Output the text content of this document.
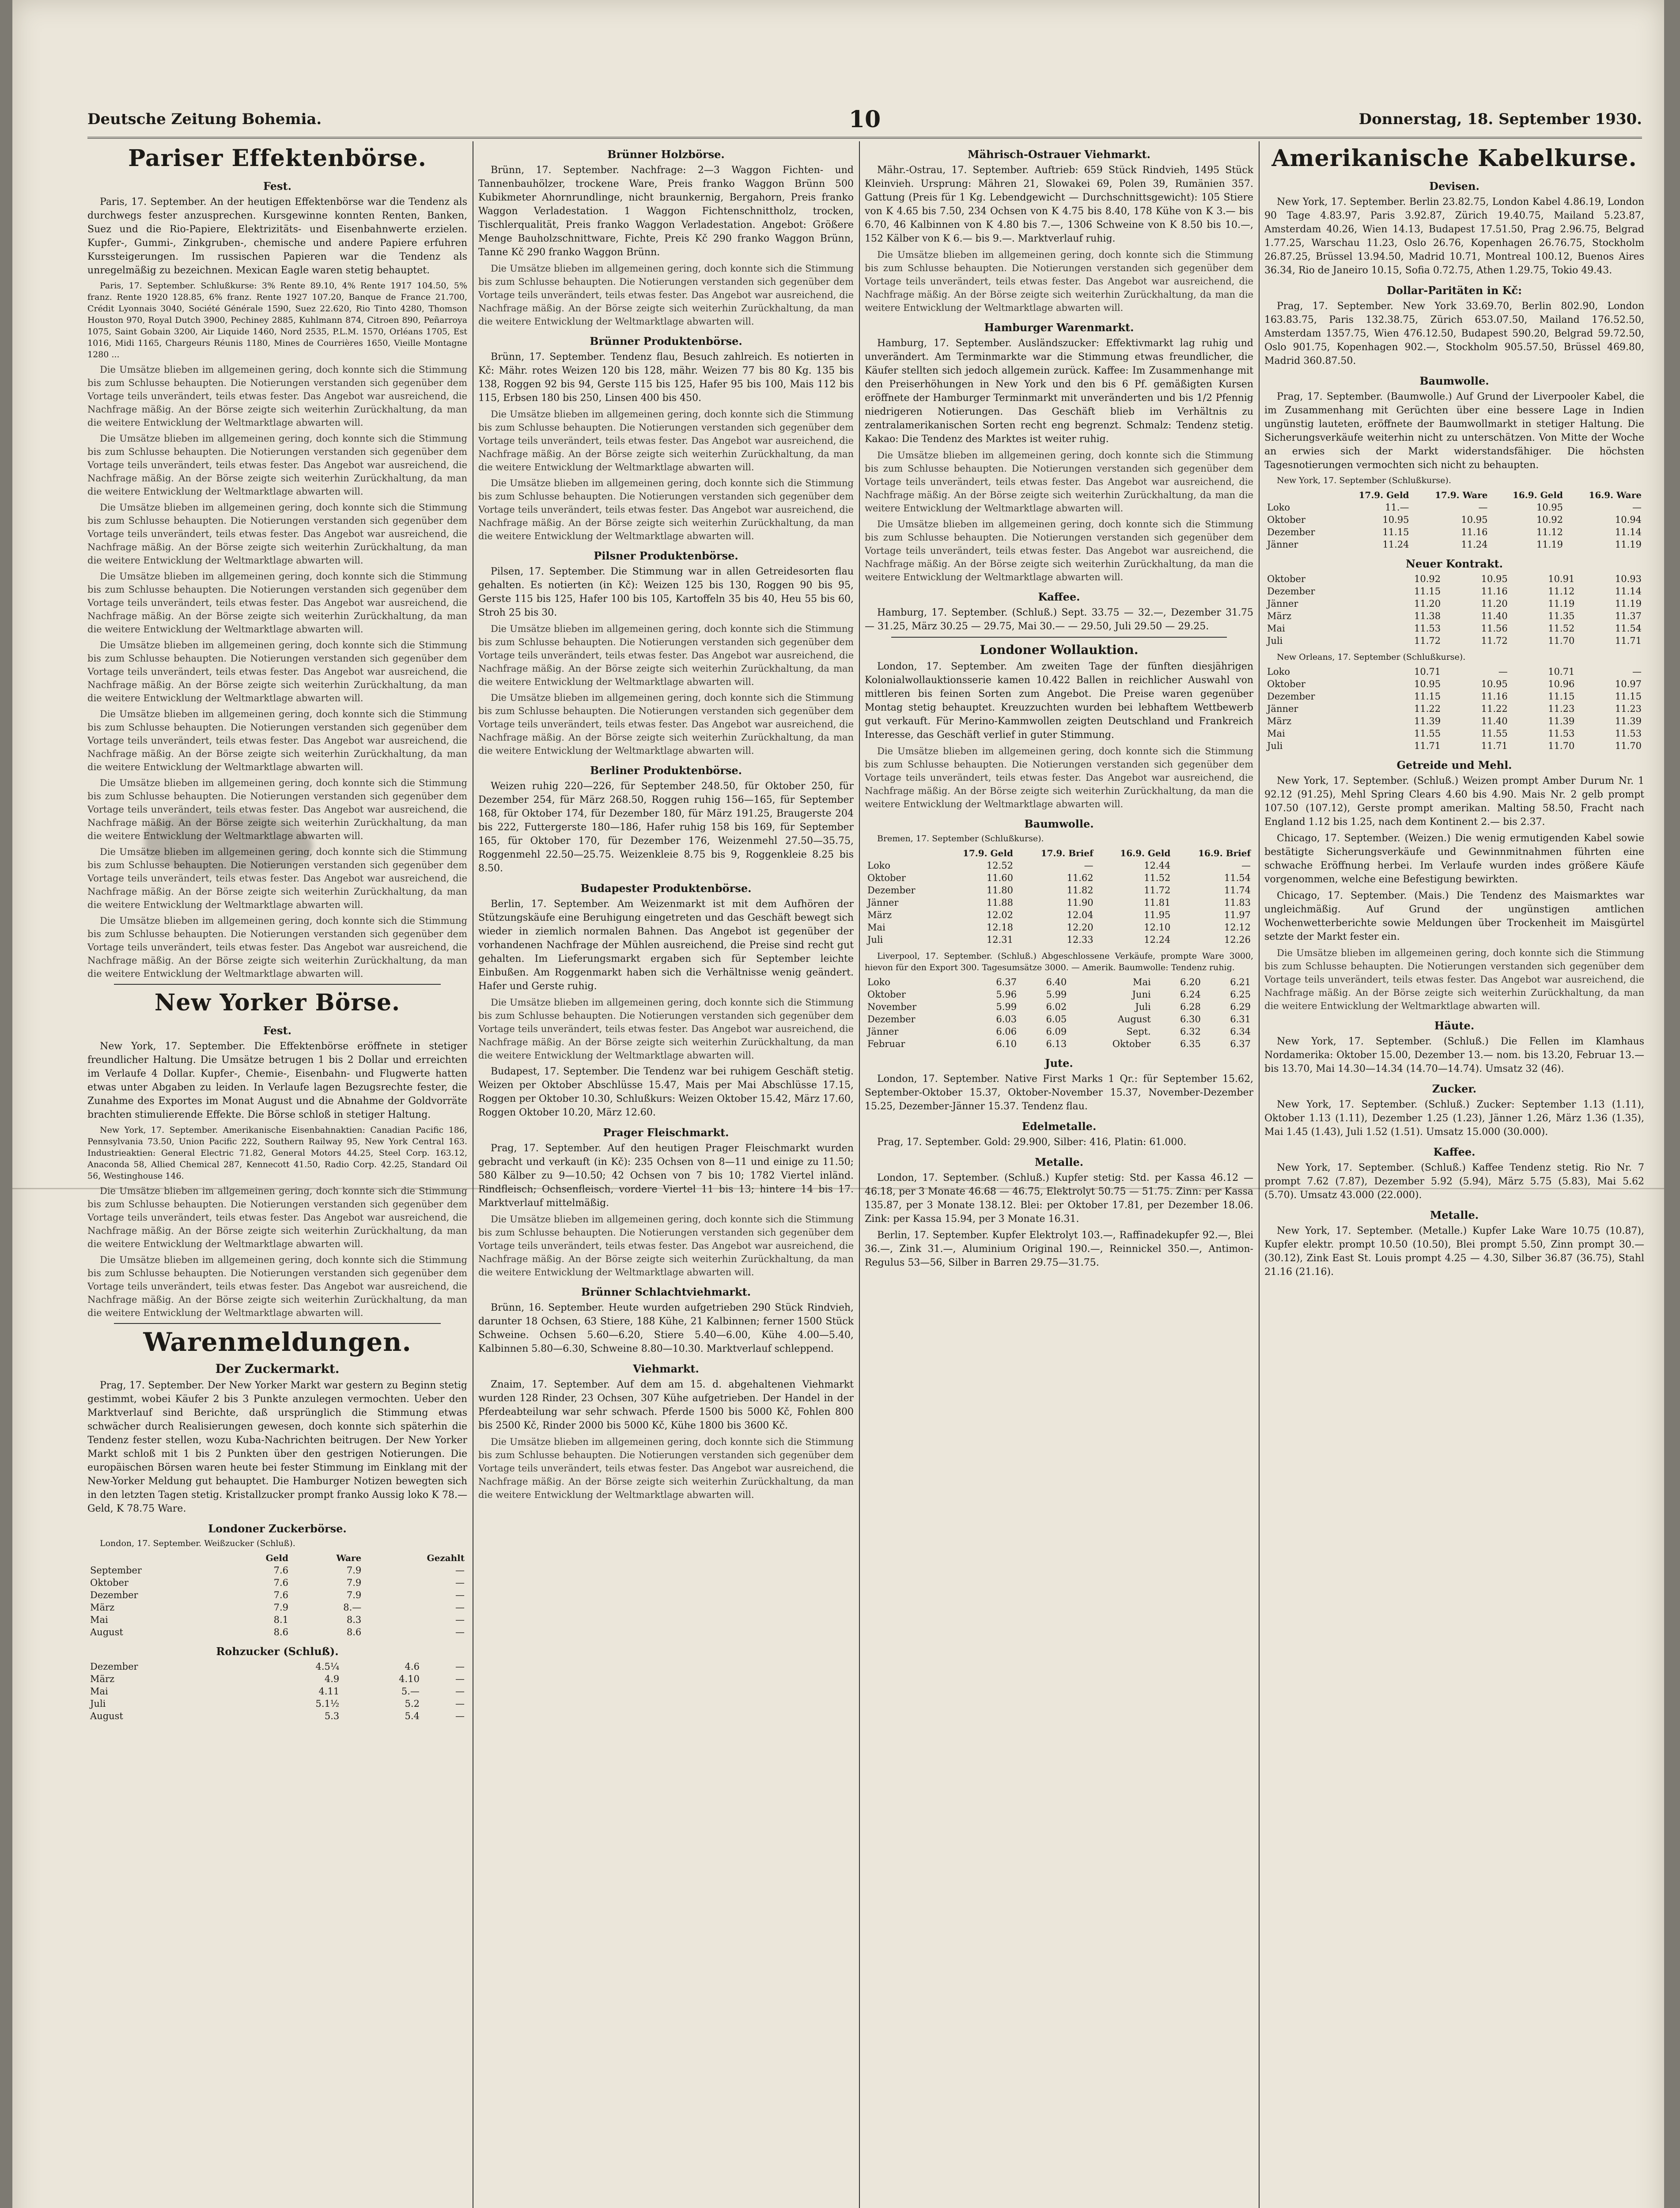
Deutsche Zeitung Bohemia.	10	Donnerstag, 18. September 1930.
Pariser Effektenbörse.
Fest.

Paris, 17. September. An der heutigen Effektenbörse war die Tendenz als durchwegs fester anzusprechen. Kursgewinne konnten Renten, Banken, Suez und die Rio-Papiere, Elektrizitäts- und Eisenbahnwerte erzielen. Kupfer-, Gummi-, Zinkgruben-, chemische und andere Papiere erfuhren Kurssteigerungen. Im russischen Papieren war die Tendenz als unregelmäßig zu bezeichnen. Mexican Eagle waren stetig behauptet.

Paris, 17. September. Schlußkurse: 3% Rente 89.10, 4% Rente 1917 104.50, 5% franz. Rente 1920 128.85, 6% franz. Rente 1927 107.20, Banque de France 21.700, Crédit Lyonnais 3040, Société Générale 1590, Suez 22.620, Rio Tinto 4280, Thomson Houston 970, Royal Dutch 3900, Pechiney 2885, Kuhlmann 874, Citroen 890, Peñarroya 1075, Saint Gobain 3200, Air Liquide 1460, Nord 2535, P.L.M. 1570, Orléans 1705, Est 1016, Midi 1165, Chargeurs Réunis 1180, Mines de Courrières 1650, Vieille Montagne 1280 ...

Die Umsätze blieben im allgemeinen gering, doch konnte sich die Stimmung bis zum Schlusse behaupten. Die Notierungen verstanden sich gegenüber dem Vortage teils unverändert, teils etwas fester. Das Angebot war ausreichend, die Nachfrage mäßig. An der Börse zeigte sich weiterhin Zurückhaltung, da man die weitere Entwicklung der Weltmarktlage abwarten will.

Die Umsätze blieben im allgemeinen gering, doch konnte sich die Stimmung bis zum Schlusse behaupten. Die Notierungen verstanden sich gegenüber dem Vortage teils unverändert, teils etwas fester. Das Angebot war ausreichend, die Nachfrage mäßig. An der Börse zeigte sich weiterhin Zurückhaltung, da man die weitere Entwicklung der Weltmarktlage abwarten will.

Die Umsätze blieben im allgemeinen gering, doch konnte sich die Stimmung bis zum Schlusse behaupten. Die Notierungen verstanden sich gegenüber dem Vortage teils unverändert, teils etwas fester. Das Angebot war ausreichend, die Nachfrage mäßig. An der Börse zeigte sich weiterhin Zurückhaltung, da man die weitere Entwicklung der Weltmarktlage abwarten will.

Die Umsätze blieben im allgemeinen gering, doch konnte sich die Stimmung bis zum Schlusse behaupten. Die Notierungen verstanden sich gegenüber dem Vortage teils unverändert, teils etwas fester. Das Angebot war ausreichend, die Nachfrage mäßig. An der Börse zeigte sich weiterhin Zurückhaltung, da man die weitere Entwicklung der Weltmarktlage abwarten will.

Die Umsätze blieben im allgemeinen gering, doch konnte sich die Stimmung bis zum Schlusse behaupten. Die Notierungen verstanden sich gegenüber dem Vortage teils unverändert, teils etwas fester. Das Angebot war ausreichend, die Nachfrage mäßig. An der Börse zeigte sich weiterhin Zurückhaltung, da man die weitere Entwicklung der Weltmarktlage abwarten will.

Die Umsätze blieben im allgemeinen gering, doch konnte sich die Stimmung bis zum Schlusse behaupten. Die Notierungen verstanden sich gegenüber dem Vortage teils unverändert, teils etwas fester. Das Angebot war ausreichend, die Nachfrage mäßig. An der Börse zeigte sich weiterhin Zurückhaltung, da man die weitere Entwicklung der Weltmarktlage abwarten will.

Die Umsätze blieben im allgemeinen gering, doch konnte sich die Stimmung bis zum Schlusse behaupten. Die Notierungen verstanden sich gegenüber dem Vortage teils unverändert, teils etwas fester. Das Angebot war ausreichend, die Nachfrage mäßig. An der Börse zeigte sich weiterhin Zurückhaltung, da man die weitere Entwicklung der Weltmarktlage abwarten will.

Die Umsätze blieben im allgemeinen gering, doch konnte sich die Stimmung bis zum Schlusse behaupten. Die Notierungen verstanden sich gegenüber dem Vortage teils unverändert, teils etwas fester. Das Angebot war ausreichend, die Nachfrage mäßig. An der Börse zeigte sich weiterhin Zurückhaltung, da man die weitere Entwicklung der Weltmarktlage abwarten will.

Die Umsätze blieben im allgemeinen gering, doch konnte sich die Stimmung bis zum Schlusse behaupten. Die Notierungen verstanden sich gegenüber dem Vortage teils unverändert, teils etwas fester. Das Angebot war ausreichend, die Nachfrage mäßig. An der Börse zeigte sich weiterhin Zurückhaltung, da man die weitere Entwicklung der Weltmarktlage abwarten will.

New Yorker Börse.
Fest.

New York, 17. September. Die Effektenbörse eröffnete in stetiger freundlicher Haltung. Die Umsätze betrugen 1 bis 2 Dollar und erreichten im Verlaufe 4 Dollar. Kupfer-, Chemie-, Eisenbahn- und Flugwerte hatten etwas unter Abgaben zu leiden. In Verlaufe lagen Bezugsrechte fester, die Zunahme des Exportes im Monat August und die Abnahme der Goldvorräte brachten stimulierende Effekte. Die Börse schloß in stetiger Haltung.

New York, 17. September. Amerikanische Eisenbahnaktien: Canadian Pacific 186, Pennsylvania 73.50, Union Pacific 222, Southern Railway 95, New York Central 163. Industrieaktien: General Electric 71.82, General Motors 44.25, Steel Corp. 163.12, Anaconda 58, Allied Chemical 287, Kennecott 41.50, Radio Corp. 42.25, Standard Oil 56, Westinghouse 146.

Die Umsätze blieben im allgemeinen gering, doch konnte sich die Stimmung bis zum Schlusse behaupten. Die Notierungen verstanden sich gegenüber dem Vortage teils unverändert, teils etwas fester. Das Angebot war ausreichend, die Nachfrage mäßig. An der Börse zeigte sich weiterhin Zurückhaltung, da man die weitere Entwicklung der Weltmarktlage abwarten will.

Die Umsätze blieben im allgemeinen gering, doch konnte sich die Stimmung bis zum Schlusse behaupten. Die Notierungen verstanden sich gegenüber dem Vortage teils unverändert, teils etwas fester. Das Angebot war ausreichend, die Nachfrage mäßig. An der Börse zeigte sich weiterhin Zurückhaltung, da man die weitere Entwicklung der Weltmarktlage abwarten will.

Warenmeldungen.
Der Zuckermarkt.

Prag, 17. September. Der New Yorker Markt war gestern zu Beginn stetig gestimmt, wobei Käufer 2 bis 3 Punkte anzulegen vermochten. Ueber den Marktverlauf sind Berichte, daß ursprünglich die Stimmung etwas schwächer durch Realisierungen gewesen, doch konnte sich späterhin die Tendenz fester stellen, wozu Kuba-Nachrichten beitrugen. Der New Yorker Markt schloß mit 1 bis 2 Punkten über den gestrigen Notierungen. Die europäischen Börsen waren heute bei fester Stimmung im Einklang mit der New-Yorker Meldung gut behauptet. Die Hamburger Notizen bewegten sich in den letzten Tagen stetig. Kristallzucker prompt franko Aussig loko K 78.— Geld, K 78.75 Ware.

Londoner Zuckerbörse.

London, 17. September. Weißzucker (Schluß).

	Geld	Ware	Gezahlt
September	7.6	7.9	—
Oktober	7.6	7.9	—
Dezember	7.6	7.9	—
März	7.9	8.—	—
Mai	8.1	8.3	—
August	8.6	8.6	—
Rohzucker (Schluß).
Dezember	4.5¼	4.6	—
März	4.9	4.10	—
Mai	4.11	5.—	—
Juli	5.1½	5.2	—
August	5.3	5.4	—
Brünner Holzbörse.

Brünn, 17. September. Nachfrage: 2—3 Waggon Fichten- und Tannenbauhölzer, trockene Ware, Preis franko Waggon Brünn 500 Kubikmeter Ahornrundlinge, nicht braunkernig, Bergahorn, Preis franko Waggon Verladestation. 1 Waggon Fichtenschnittholz, trocken, Tischlerqualität, Preis franko Waggon Verladestation. Angebot: Größere Menge Bauholzschnittware, Fichte, Preis Kč 290 franko Waggon Brünn, Tanne Kč 290 franko Waggon Brünn.

Die Umsätze blieben im allgemeinen gering, doch konnte sich die Stimmung bis zum Schlusse behaupten. Die Notierungen verstanden sich gegenüber dem Vortage teils unverändert, teils etwas fester. Das Angebot war ausreichend, die Nachfrage mäßig. An der Börse zeigte sich weiterhin Zurückhaltung, da man die weitere Entwicklung der Weltmarktlage abwarten will.

Brünner Produktenbörse.

Brünn, 17. September. Tendenz flau, Besuch zahlreich. Es notierten in Kč: Mähr. rotes Weizen 120 bis 128, mähr. Weizen 77 bis 80 Kg. 135 bis 138, Roggen 92 bis 94, Gerste 115 bis 125, Hafer 95 bis 100, Mais 112 bis 115, Erbsen 180 bis 250, Linsen 400 bis 450.

Die Umsätze blieben im allgemeinen gering, doch konnte sich die Stimmung bis zum Schlusse behaupten. Die Notierungen verstanden sich gegenüber dem Vortage teils unverändert, teils etwas fester. Das Angebot war ausreichend, die Nachfrage mäßig. An der Börse zeigte sich weiterhin Zurückhaltung, da man die weitere Entwicklung der Weltmarktlage abwarten will.

Die Umsätze blieben im allgemeinen gering, doch konnte sich die Stimmung bis zum Schlusse behaupten. Die Notierungen verstanden sich gegenüber dem Vortage teils unverändert, teils etwas fester. Das Angebot war ausreichend, die Nachfrage mäßig. An der Börse zeigte sich weiterhin Zurückhaltung, da man die weitere Entwicklung der Weltmarktlage abwarten will.

Pilsner Produktenbörse.

Pilsen, 17. September. Die Stimmung war in allen Getreidesorten flau gehalten. Es notierten (in Kč): Weizen 125 bis 130, Roggen 90 bis 95, Gerste 115 bis 125, Hafer 100 bis 105, Kartoffeln 35 bis 40, Heu 55 bis 60, Stroh 25 bis 30.

Die Umsätze blieben im allgemeinen gering, doch konnte sich die Stimmung bis zum Schlusse behaupten. Die Notierungen verstanden sich gegenüber dem Vortage teils unverändert, teils etwas fester. Das Angebot war ausreichend, die Nachfrage mäßig. An der Börse zeigte sich weiterhin Zurückhaltung, da man die weitere Entwicklung der Weltmarktlage abwarten will.

Die Umsätze blieben im allgemeinen gering, doch konnte sich die Stimmung bis zum Schlusse behaupten. Die Notierungen verstanden sich gegenüber dem Vortage teils unverändert, teils etwas fester. Das Angebot war ausreichend, die Nachfrage mäßig. An der Börse zeigte sich weiterhin Zurückhaltung, da man die weitere Entwicklung der Weltmarktlage abwarten will.

Berliner Produktenbörse.

Weizen ruhig 220—226, für September 248.50, für Oktober 250, für Dezember 254, für März 268.50, Roggen ruhig 156—165, für September 168, für Oktober 174, für Dezember 180, für März 191.25, Braugerste 204 bis 222, Futtergerste 180—186, Hafer ruhig 158 bis 169, für September 165, für Oktober 170, für Dezember 176, Weizenmehl 27.50—35.75, Roggenmehl 22.50—25.75. Weizenkleie 8.75 bis 9, Roggenkleie 8.25 bis 8.50.

Budapester Produktenbörse.

Berlin, 17. September. Am Weizenmarkt ist mit dem Aufhören der Stützungskäufe eine Beruhigung eingetreten und das Geschäft bewegt sich wieder in ziemlich normalen Bahnen. Das Angebot ist gegenüber der vorhandenen Nachfrage der Mühlen ausreichend, die Preise sind recht gut gehalten. Im Lieferungsmarkt ergaben sich für September leichte Einbußen. Am Roggenmarkt haben sich die Verhältnisse wenig geändert. Hafer und Gerste ruhig.

Die Umsätze blieben im allgemeinen gering, doch konnte sich die Stimmung bis zum Schlusse behaupten. Die Notierungen verstanden sich gegenüber dem Vortage teils unverändert, teils etwas fester. Das Angebot war ausreichend, die Nachfrage mäßig. An der Börse zeigte sich weiterhin Zurückhaltung, da man die weitere Entwicklung der Weltmarktlage abwarten will.

Budapest, 17. September. Die Tendenz war bei ruhigem Geschäft stetig. Weizen per Oktober Abschlüsse 15.47, Mais per Mai Abschlüsse 17.15, Roggen per Oktober 10.30, Schlußkurs: Weizen Oktober 15.42, März 17.60, Roggen Oktober 10.20, März 12.60.

Prager Fleischmarkt.

Prag, 17. September. Auf den heutigen Prager Fleischmarkt wurden gebracht und verkauft (in Kč): 235 Ochsen von 8—11 und einige zu 11.50; 580 Kälber zu 9—10.50; 42 Ochsen von 7 bis 10; 1782 Viertel inländ. Rindfleisch; Ochsenfleisch, vordere Viertel 11 bis 13; hintere 14 bis 17. Marktverlauf mittelmäßig.

Die Umsätze blieben im allgemeinen gering, doch konnte sich die Stimmung bis zum Schlusse behaupten. Die Notierungen verstanden sich gegenüber dem Vortage teils unverändert, teils etwas fester. Das Angebot war ausreichend, die Nachfrage mäßig. An der Börse zeigte sich weiterhin Zurückhaltung, da man die weitere Entwicklung der Weltmarktlage abwarten will.

Brünner Schlachtviehmarkt.

Brünn, 16. September. Heute wurden aufgetrieben 290 Stück Rindvieh, darunter 18 Ochsen, 63 Stiere, 188 Kühe, 21 Kalbinnen; ferner 1500 Stück Schweine. Ochsen 5.60—6.20, Stiere 5.40—6.00, Kühe 4.00—5.40, Kalbinnen 5.80—6.30, Schweine 8.80—10.30. Marktverlauf schleppend.

Viehmarkt.

Znaim, 17. September. Auf dem am 15. d. abgehaltenen Viehmarkt wurden 128 Rinder, 23 Ochsen, 307 Kühe aufgetrieben. Der Handel in der Pferdeabteilung war sehr schwach. Pferde 1500 bis 5000 Kč, Fohlen 800 bis 2500 Kč, Rinder 2000 bis 5000 Kč, Kühe 1800 bis 3600 Kč.

Die Umsätze blieben im allgemeinen gering, doch konnte sich die Stimmung bis zum Schlusse behaupten. Die Notierungen verstanden sich gegenüber dem Vortage teils unverändert, teils etwas fester. Das Angebot war ausreichend, die Nachfrage mäßig. An der Börse zeigte sich weiterhin Zurückhaltung, da man die weitere Entwicklung der Weltmarktlage abwarten will.

Mährisch-Ostrauer Viehmarkt.

Mähr.-Ostrau, 17. September. Auftrieb: 659 Stück Rindvieh, 1495 Stück Kleinvieh. Ursprung: Mähren 21, Slowakei 69, Polen 39, Rumänien 357. Gattung (Preis für 1 Kg. Lebendgewicht — Durchschnittsgewicht): 105 Stiere von K 4.65 bis 7.50, 234 Ochsen von K 4.75 bis 8.40, 178 Kühe von K 3.— bis 6.70, 46 Kalbinnen von K 4.80 bis 7.—, 1306 Schweine von K 8.50 bis 10.—, 152 Kälber von K 6.— bis 9.—. Marktverlauf ruhig.

Die Umsätze blieben im allgemeinen gering, doch konnte sich die Stimmung bis zum Schlusse behaupten. Die Notierungen verstanden sich gegenüber dem Vortage teils unverändert, teils etwas fester. Das Angebot war ausreichend, die Nachfrage mäßig. An der Börse zeigte sich weiterhin Zurückhaltung, da man die weitere Entwicklung der Weltmarktlage abwarten will.

Hamburger Warenmarkt.

Hamburg, 17. September. Ausländszucker: Effektivmarkt lag ruhig und unverändert. Am Terminmarkte war die Stimmung etwas freundlicher, die Käufer stellten sich jedoch allgemein zurück. Kaffee: Im Zusammenhange mit den Preiserhöhungen in New York und den bis 6 Pf. gemäßigten Kursen eröffnete der Hamburger Terminmarkt mit unveränderten und bis 1/2 Pfennig niedrigeren Notierungen. Das Geschäft blieb im Verhältnis zu zentralamerikanischen Sorten recht eng begrenzt. Schmalz: Tendenz stetig. Kakao: Die Tendenz des Marktes ist weiter ruhig.

Die Umsätze blieben im allgemeinen gering, doch konnte sich die Stimmung bis zum Schlusse behaupten. Die Notierungen verstanden sich gegenüber dem Vortage teils unverändert, teils etwas fester. Das Angebot war ausreichend, die Nachfrage mäßig. An der Börse zeigte sich weiterhin Zurückhaltung, da man die weitere Entwicklung der Weltmarktlage abwarten will.

Die Umsätze blieben im allgemeinen gering, doch konnte sich die Stimmung bis zum Schlusse behaupten. Die Notierungen verstanden sich gegenüber dem Vortage teils unverändert, teils etwas fester. Das Angebot war ausreichend, die Nachfrage mäßig. An der Börse zeigte sich weiterhin Zurückhaltung, da man die weitere Entwicklung der Weltmarktlage abwarten will.

Kaffee.

Hamburg, 17. September. (Schluß.) Sept. 33.75 — 32.—, Dezember 31.75 — 31.25, März 30.25 — 29.75, Mai 30.— — 29.50, Juli 29.50 — 29.25.

Londoner Wollauktion.

London, 17. September. Am zweiten Tage der fünften diesjährigen Kolonialwollauktionsserie kamen 10.422 Ballen in reichlicher Auswahl von mittleren bis feinen Sorten zum Angebot. Die Preise waren gegenüber Montag stetig behauptet. Kreuzzuchten wurden bei lebhaftem Wettbewerb gut verkauft. Für Merino-Kammwollen zeigten Deutschland und Frankreich Interesse, das Geschäft verlief in guter Stimmung.

Die Umsätze blieben im allgemeinen gering, doch konnte sich die Stimmung bis zum Schlusse behaupten. Die Notierungen verstanden sich gegenüber dem Vortage teils unverändert, teils etwas fester. Das Angebot war ausreichend, die Nachfrage mäßig. An der Börse zeigte sich weiterhin Zurückhaltung, da man die weitere Entwicklung der Weltmarktlage abwarten will.

Baumwolle.

Bremen, 17. September (Schlußkurse).

	17.9. Geld	17.9. Brief	16.9. Geld	16.9. Brief
Loko	12.52	—	12.44	—
Oktober	11.60	11.62	11.52	11.54
Dezember	11.80	11.82	11.72	11.74
Jänner	11.88	11.90	11.81	11.83
März	12.02	12.04	11.95	11.97
Mai	12.18	12.20	12.10	12.12
Juli	12.31	12.33	12.24	12.26

Liverpool, 17. September. (Schluß.) Abgeschlossene Verkäufe, prompte Ware 3000, hievon für den Export 300. Tagesumsätze 3000. — Amerik. Baumwolle: Tendenz ruhig.

Loko	6.37	6.40	Mai	6.20	6.21
Oktober	5.96	5.99	Juni	6.24	6.25
November	5.99	6.02	Juli	6.28	6.29
Dezember	6.03	6.05	August	6.30	6.31
Jänner	6.06	6.09	Sept.	6.32	6.34
Februar	6.10	6.13	Oktober	6.35	6.37
Jute.

London, 17. September. Native First Marks 1 Qr.: für September 15.62, September-Oktober 15.37, Oktober-November 15.37, November-Dezember 15.25, Dezember-Jänner 15.37. Tendenz flau.

Edelmetalle.

Prag, 17. September. Gold: 29.900, Silber: 416, Platin: 61.000.

Metalle.

London, 17. September. (Schluß.) Kupfer stetig: Std. per Kassa 46.12 — 46.18, per 3 Monate 46.68 — 46.75, Elektrolyt 50.75 — 51.75. Zinn: per Kassa 135.87, per 3 Monate 138.12. Blei: per Oktober 17.81, per Dezember 18.06. Zink: per Kassa 15.94, per 3 Monate 16.31.

Berlin, 17. September. Kupfer Elektrolyt 103.—, Raffinadekupfer 92.—, Blei 36.—, Zink 31.—, Aluminium Original 190.—, Reinnickel 350.—, Antimon-Regulus 53—56, Silber in Barren 29.75—31.75.

Amerikanische Kabelkurse.
Devisen.

New York, 17. September. Berlin 23.82.75, London Kabel 4.86.19, London 90 Tage 4.83.97, Paris 3.92.87, Zürich 19.40.75, Mailand 5.23.87, Amsterdam 40.26, Wien 14.13, Budapest 17.51.50, Prag 2.96.75, Belgrad 1.77.25, Warschau 11.23, Oslo 26.76, Kopenhagen 26.76.75, Stockholm 26.87.25, Brüssel 13.94.50, Madrid 10.71, Montreal 100.12, Buenos Aires 36.34, Rio de Janeiro 10.15, Sofia 0.72.75, Athen 1.29.75, Tokio 49.43.

Dollar-Paritäten in Kč:

Prag, 17. September. New York 33.69.70, Berlin 802.90, London 163.83.75, Paris 132.38.75, Zürich 653.07.50, Mailand 176.52.50, Amsterdam 1357.75, Wien 476.12.50, Budapest 590.20, Belgrad 59.72.50, Oslo 901.75, Kopenhagen 902.—, Stockholm 905.57.50, Brüssel 469.80, Madrid 360.87.50.

Baumwolle.

Prag, 17. September. (Baumwolle.) Auf Grund der Liverpooler Kabel, die im Zusammenhang mit Gerüchten über eine bessere Lage in Indien ungünstig lauteten, eröffnete der Baumwollmarkt in stetiger Haltung. Die Sicherungsverkäufe weiterhin nicht zu unterschätzen. Von Mitte der Woche an erwies sich der Markt widerstandsfähiger. Die höchsten Tagesnotierungen vermochten sich nicht zu behaupten.

New York, 17. September (Schlußkurse).

	17.9. Geld	17.9. Ware	16.9. Geld	16.9. Ware
Loko	11.—	—	10.95	—
Oktober	10.95	10.95	10.92	10.94
Dezember	11.15	11.16	11.12	11.14
Jänner	11.24	11.24	11.19	11.19
Neuer Kontrakt.
Oktober	10.92	10.95	10.91	10.93
Dezember	11.15	11.16	11.12	11.14
Jänner	11.20	11.20	11.19	11.19
März	11.38	11.40	11.35	11.37
Mai	11.53	11.56	11.52	11.54
Juli	11.72	11.72	11.70	11.71

New Orleans, 17. September (Schlußkurse).

Loko	10.71	—	10.71	—
Oktober	10.95	10.95	10.96	10.97
Dezember	11.15	11.16	11.15	11.15
Jänner	11.22	11.22	11.23	11.23
März	11.39	11.40	11.39	11.39
Mai	11.55	11.55	11.53	11.53
Juli	11.71	11.71	11.70	11.70
Getreide und Mehl.

New York, 17. September. (Schluß.) Weizen prompt Amber Durum Nr. 1 92.12 (91.25), Mehl Spring Clears 4.60 bis 4.90. Mais Nr. 2 gelb prompt 107.50 (107.12), Gerste prompt amerikan. Malting 58.50, Fracht nach England 1.12 bis 1.25, nach dem Kontinent 2.— bis 2.37.

Chicago, 17. September. (Weizen.) Die wenig ermutigenden Kabel sowie bestätigte Sicherungsverkäufe und Gewinnmitnahmen führten eine schwache Eröffnung herbei. Im Verlaufe wurden indes größere Käufe vorgenommen, welche eine Befestigung bewirkten.

Chicago, 17. September. (Mais.) Die Tendenz des Maismarktes war ungleichmäßig. Auf Grund der ungünstigen amtlichen Wochenwetterberichte sowie Meldungen über Trockenheit im Maisgürtel setzte der Markt fester ein.

Die Umsätze blieben im allgemeinen gering, doch konnte sich die Stimmung bis zum Schlusse behaupten. Die Notierungen verstanden sich gegenüber dem Vortage teils unverändert, teils etwas fester. Das Angebot war ausreichend, die Nachfrage mäßig. An der Börse zeigte sich weiterhin Zurückhaltung, da man die weitere Entwicklung der Weltmarktlage abwarten will.

Häute.

New York, 17. September. (Schluß.) Die Fellen im Klamhaus Nordamerika: Oktober 15.00, Dezember 13.— nom. bis 13.20, Februar 13.— bis 13.70, Mai 14.30—14.34 (14.70—14.74). Umsatz 32 (46).

Zucker.

New York, 17. September. (Schluß.) Zucker: September 1.13 (1.11), Oktober 1.13 (1.11), Dezember 1.25 (1.23), Jänner 1.26, März 1.36 (1.35), Mai 1.45 (1.43), Juli 1.52 (1.51). Umsatz 15.000 (30.000).

Kaffee.

New York, 17. September. (Schluß.) Kaffee Tendenz stetig. Rio Nr. 7 prompt 7.62 (7.87), Dezember 5.92 (5.94), März 5.75 (5.83), Mai 5.62 (5.70). Umsatz 43.000 (22.000).

Metalle.

New York, 17. September. (Metalle.) Kupfer Lake Ware 10.75 (10.87), Kupfer elektr. prompt 10.50 (10.50), Blei prompt 5.50, Zinn prompt 30.— (30.12), Zink East St. Louis prompt 4.25 — 4.30, Silber 36.87 (36.75), Stahl 21.16 (21.16).
